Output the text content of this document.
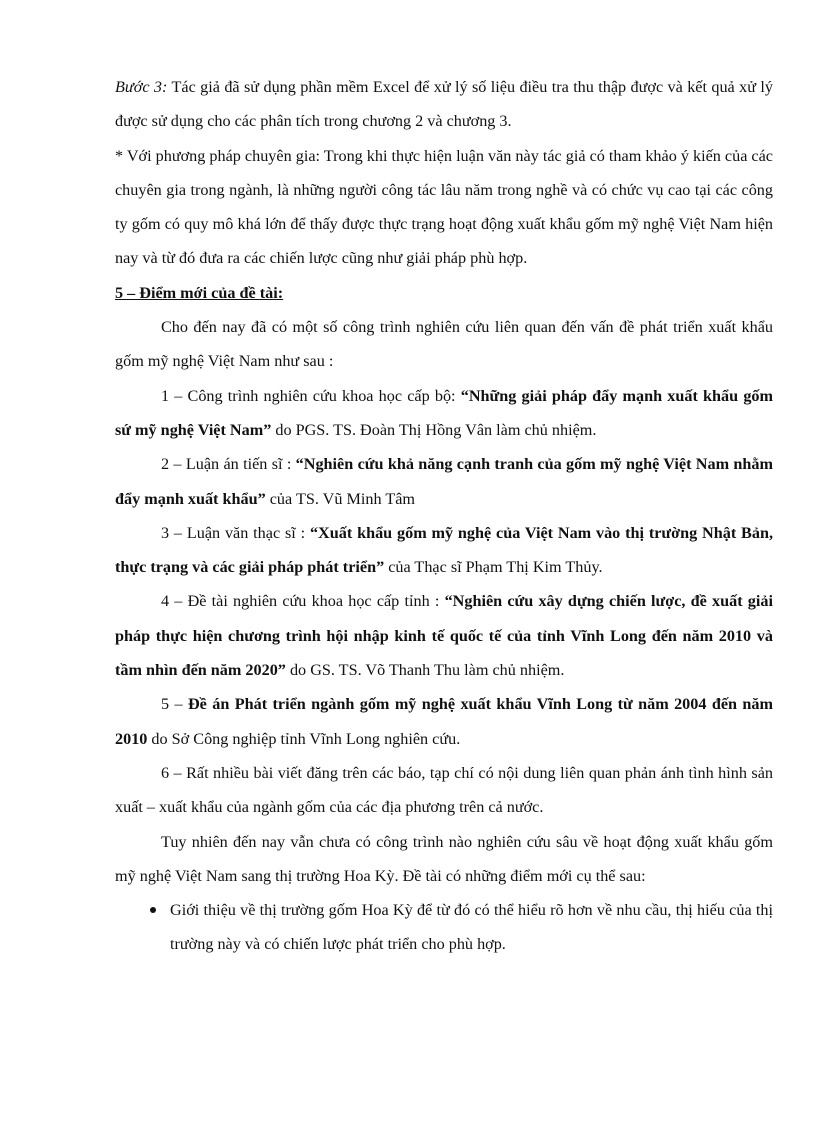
Bước 3: Tác giả đã sử dụng phần mềm Excel để xử lý số liệu điều tra thu thập được và kết quả xử lý được sử dụng cho các phân tích trong chương 2 và chương 3.

* Với phương pháp chuyên gia: Trong khi thực hiện luận văn này tác giả có tham khảo ý kiến của các chuyên gia trong ngành, là những người công tác lâu năm trong nghề và có chức vụ cao tại các công ty gốm có quy mô khá lớn để thấy được thực trạng hoạt động xuất khẩu gốm mỹ nghệ Việt Nam hiện nay và từ đó đưa ra các chiến lược cũng như giải pháp phù hợp.

5 – Điểm mới của đề tài:

Cho đến nay đã có một số công trình nghiên cứu liên quan đến vấn đề phát triển xuất khẩu gốm mỹ nghệ Việt Nam như sau :

1 – Công trình nghiên cứu khoa học cấp bộ: “Những giải pháp đẩy mạnh xuất khẩu gốm sứ mỹ nghệ Việt Nam” do PGS. TS. Đoàn Thị Hồng Vân làm chủ nhiệm.

2 – Luận án tiến sĩ : “Nghiên cứu khả năng cạnh tranh của gốm mỹ nghệ Việt Nam nhằm đẩy mạnh xuất khẩu” của TS. Vũ Minh Tâm

3 – Luận văn thạc sĩ : “Xuất khẩu gốm mỹ nghệ của Việt Nam vào thị trường Nhật Bản, thực trạng và các giải pháp phát triển” của Thạc sĩ Phạm Thị Kim Thủy.

4 – Đề tài nghiên cứu khoa học cấp tỉnh : “Nghiên cứu xây dựng chiến lược, đề xuất giải pháp thực hiện chương trình hội nhập kinh tế quốc tế của tỉnh Vĩnh Long đến năm 2010 và tầm nhìn đến năm 2020” do GS. TS. Võ Thanh Thu làm chủ nhiệm.

5 – Đề án Phát triển ngành gốm mỹ nghệ xuất khẩu Vĩnh Long từ năm 2004 đến năm 2010 do Sở Công nghiệp tỉnh Vĩnh Long nghiên cứu.

6 – Rất nhiều bài viết đăng trên các báo, tạp chí có nội dung liên quan phản ánh tình hình sản xuất – xuất khẩu của ngành gốm của các địa phương trên cả nước.

Tuy nhiên đến nay vẫn chưa có công trình nào nghiên cứu sâu về hoạt động xuất khẩu gốm mỹ nghệ Việt Nam sang thị trường Hoa Kỳ. Đề tài có những điểm mới cụ thể sau:

Giới thiệu về thị trường gốm Hoa Kỳ để từ đó có thể hiểu rõ hơn về nhu cầu, thị hiếu của thị trường này và có chiến lược phát triển cho phù hợp.
